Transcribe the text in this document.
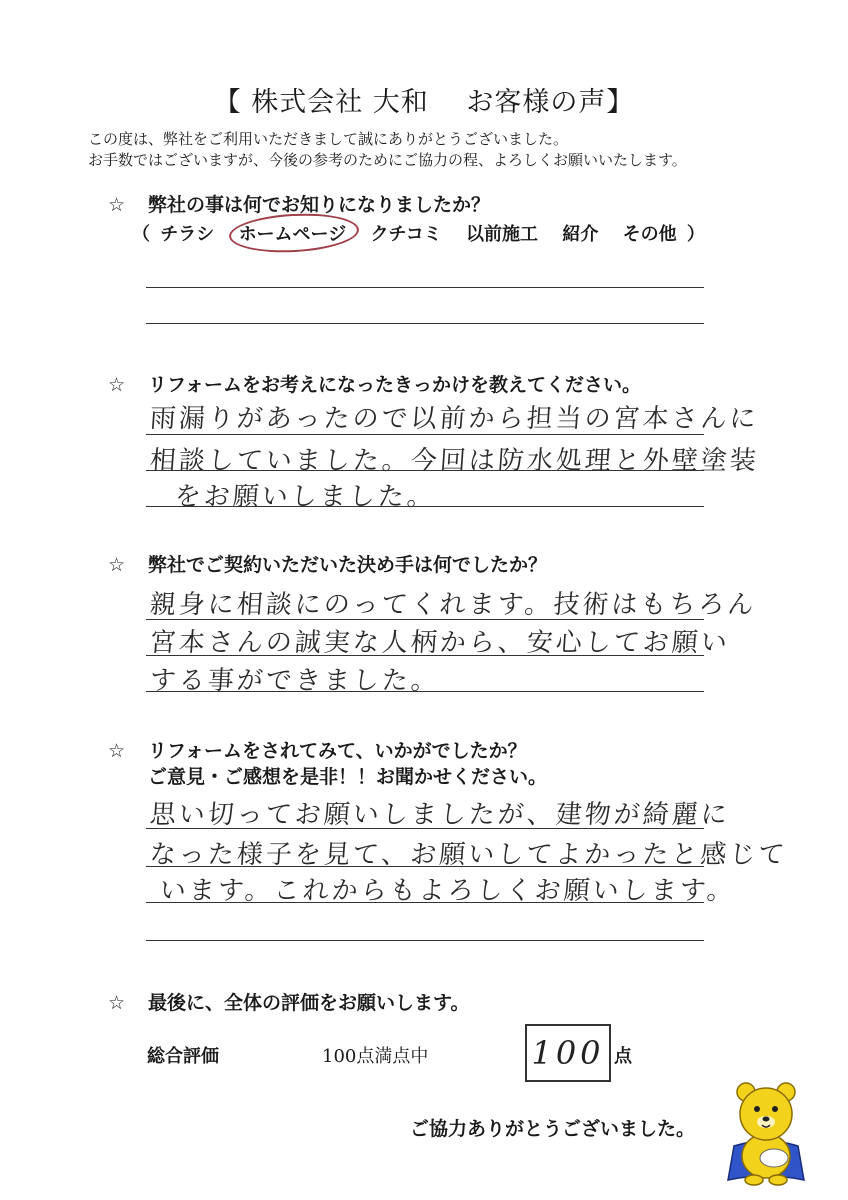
【 株式会社 大和　 お客様の声】
この度は、弊社をご利用いただきまして誠にありがとうございました。
お手数ではございますが、今後の参考のためにご協力の程、よろしくお願いいたします。
☆ 弊社の事は何でお知りになりましたか？
（ チラシ ホームページ クチコミ 以前施工 紹介 その他 ）
☆ リフォームをお考えになったきっかけを教えてください。
雨漏りがあったので以前から担当の宮本さんに
相談していました。今回は防水処理と外壁塗装
をお願いしました。
☆ 弊社でご契約いただいた決め手は何でしたか？
親身に相談にのってくれます。技術はもちろん
宮本さんの誠実な人柄から、安心してお願い
する事ができました。
☆ リフォームをされてみて、いかがでしたか？
ご意見・ご感想を是非！！お聞かせください。
思い切ってお願いしましたが、建物が綺麗に
なった様子を見て、お願いしてよかったと感じて
います。これからもよろしくお願いします。
☆ 最後に、全体の評価をお願いします。
総合評価	100点満点中	100 点
ご協力ありがとうございました。
